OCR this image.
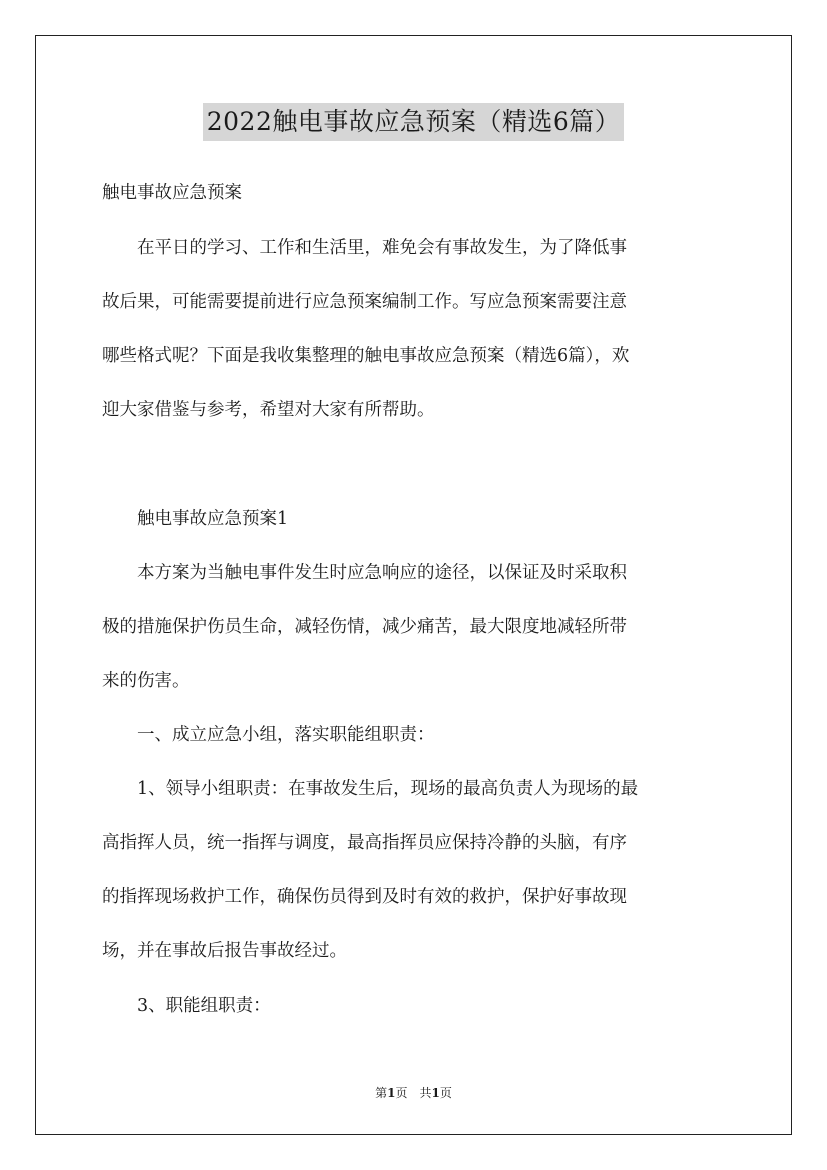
2022触电事故应急预案（精选6篇）
触电事故应急预案
　　在平日的学习、工作和生活里，难免会有事故发生，为了降低事
故后果，可能需要提前进行应急预案编制工作。写应急预案需要注意
哪些格式呢？下面是我收集整理的触电事故应急预案（精选6篇），欢
迎大家借鉴与参考，希望对大家有所帮助。
　　触电事故应急预案1
　　本方案为当触电事件发生时应急响应的途径，以保证及时采取积
极的措施保护伤员生命，减轻伤情，减少痛苦，最大限度地减轻所带
来的伤害。
　　一、成立应急小组，落实职能组职责：
　　1、领导小组职责：在事故发生后，现场的最高负责人为现场的最
高指挥人员，统一指挥与调度，最高指挥员应保持冷静的头脑，有序
的指挥现场救护工作，确保伤员得到及时有效的救护，保护好事故现
场，并在事故后报告事故经过。
　　3、职能组职责：
第1页　共1页
